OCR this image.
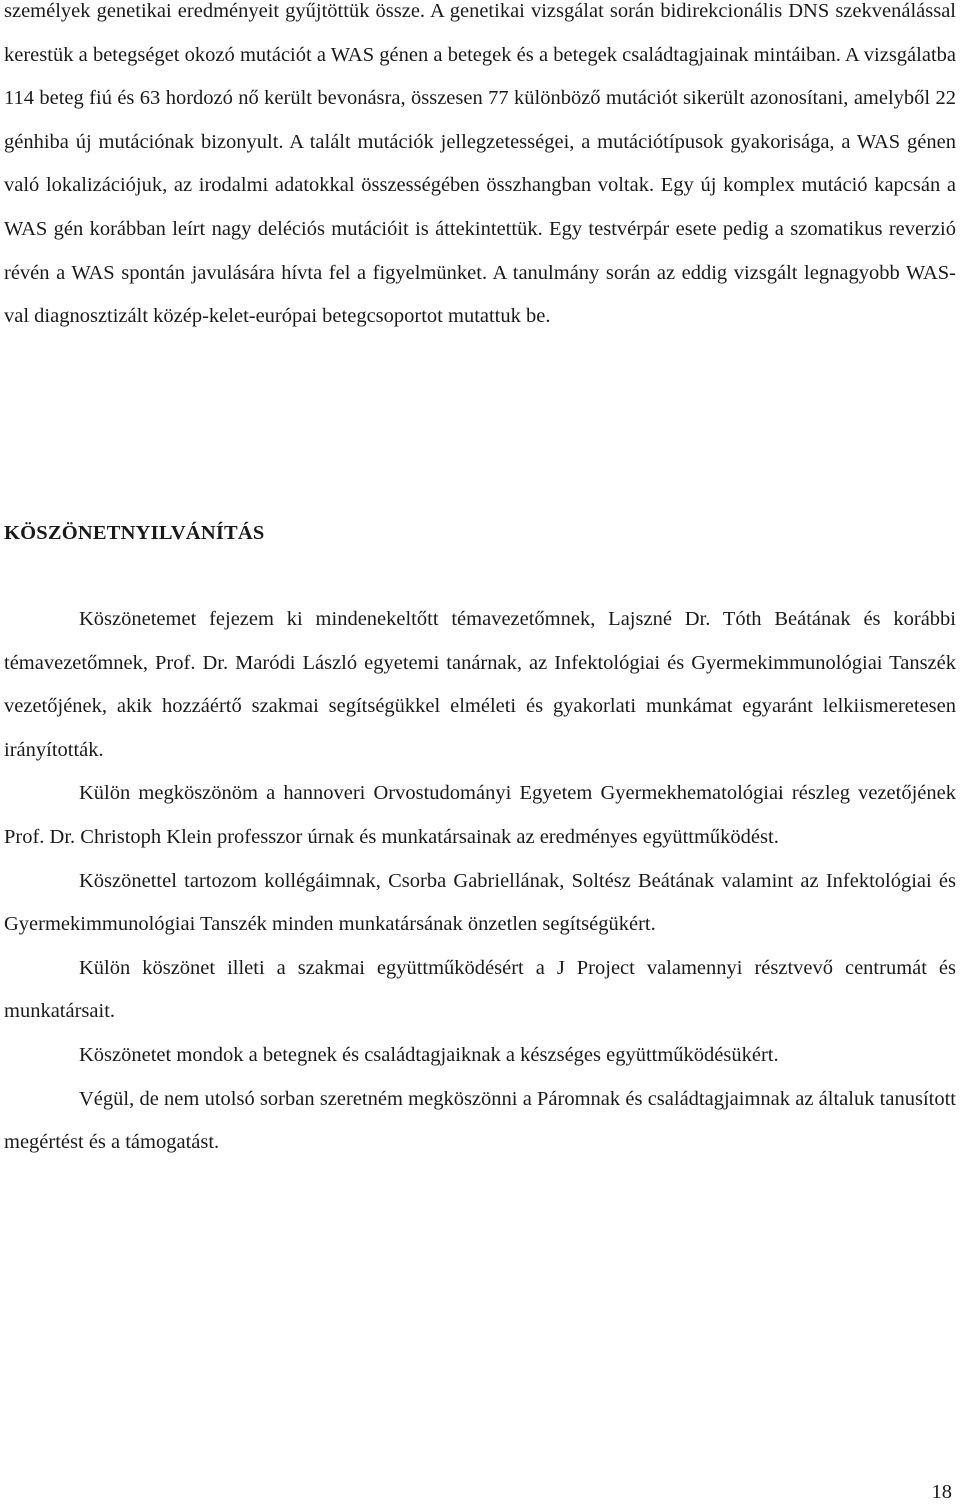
személyek genetikai eredményeit gyűjtöttük össze. A genetikai vizsgálat során bidirekcionális DNS szekvenálással kerestük a betegséget okozó mutációt a WAS génen a betegek és a betegek családtagjainak mintáiban. A vizsgálatba 114 beteg fiú és 63 hordozó nő került bevonásra, összesen 77 különböző mutációt sikerült azonosítani, amelyből 22 génhiba új mutációnak bizonyult. A talált mutációk jellegzetességei, a mutációtípusok gyakorisága, a WAS génen való lokalizációjuk, az irodalmi adatokkal összességében összhangban voltak. Egy új komplex mutáció kapcsán a WAS gén korábban leírt nagy deléciós mutációit is áttekintettük. Egy testvérpár esete pedig a szomatikus reverzió révén a WAS spontán javulására hívta fel a figyelmünket. A tanulmány során az eddig vizsgált legnagyobb WAS-val diagnosztizált közép-kelet-európai betegcsoportot mutattuk be.

KÖSZÖNETNYILVÁNÍTÁS

Köszönetemet fejezem ki mindenekeltőtt témavezetőmnek, Lajszné Dr. Tóth Beátának és korábbi témavezetőmnek, Prof. Dr. Maródi László egyetemi tanárnak, az Infektológiai és Gyermekimmunológiai Tanszék vezetőjének, akik hozzáértő szakmai segítségükkel elméleti és gyakorlati munkámat egyaránt lelkiismeretesen irányították.

Külön megköszönöm a hannoveri Orvostudományi Egyetem Gyermekhematológiai részleg vezetőjének Prof. Dr. Christoph Klein professzor úrnak és munkatársainak az eredményes együttműködést.

Köszönettel tartozom kollégáimnak, Csorba Gabriellának, Soltész Beátának valamint az Infektológiai és Gyermekimmunológiai Tanszék minden munkatársának önzetlen segítségükért.

Külön köszönet illeti a szakmai együttműködésért a J Project valamennyi résztvevő centrumát és munkatársait.

Köszönetet mondok a betegnek és családtagjaiknak a készséges együttműködésükért.

Végül, de nem utolsó sorban szeretném megköszönni a Páromnak és családtagjaimnak az általuk tanusított megértést és a támogatást.

18
